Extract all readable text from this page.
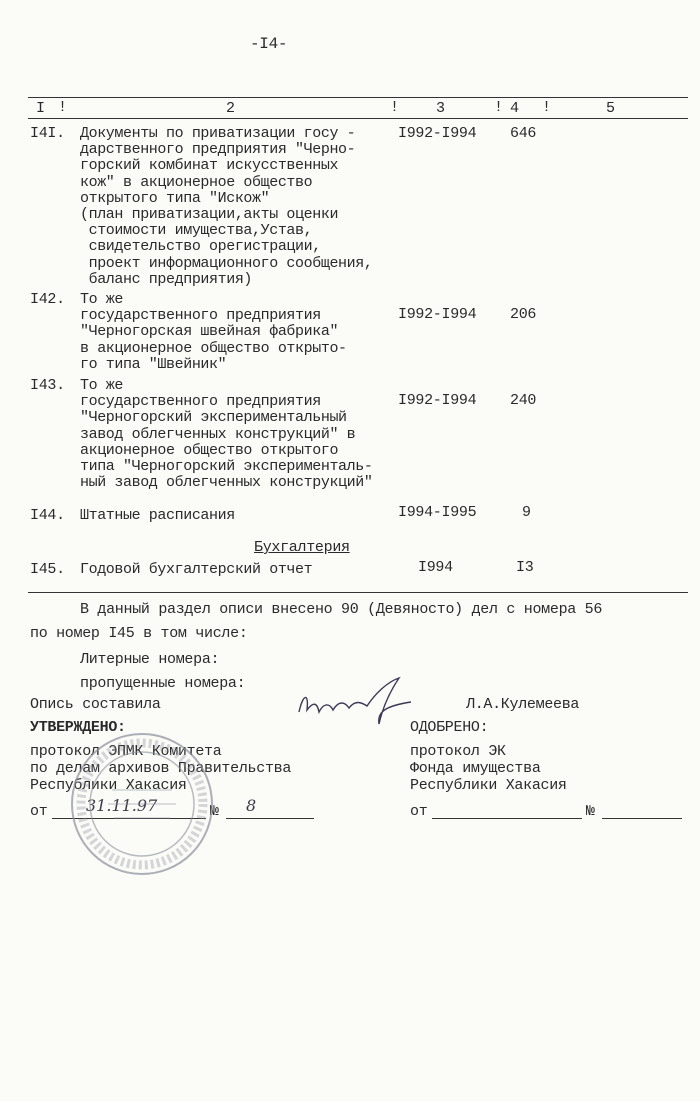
-I4-
I !	2	! 3	! 4 !	5
I4I. Документы по приватизации госу -
дарственного предприятия "Черно-
горский комбинат искусственных
кож" в акционерное общество
открытого типа "Искож"
(план приватизации,акты оценки
стоимости имущества,Устав,
свидетельство орегистрации,
проект информационного сообщения,
баланс предприятия)
I992-I994 646
I42. То же
государственного предприятия
"Черногорская швейная фабрика"
в акционерное общество открыто-
го типа "Швейник"
I992-I994 206
I43. То же
государственного предприятия
"Черногорский экспериментальный
завод облегченных конструкций" в
акционерное общество открытого
типа "Черногорский эксперименталь-
ный завод облегченных конструкций"
I992-I994 240
I44. Штатные расписания	I994-I995	9
Бухгалтерия
I45. Годовой бухгалтерский отчет	I994	I3
В данный раздел описи внесено 90 (Девяносто) дел с номера 56
по номер I45 в том числе:
Литерные номера:
пропущенные номера:
Опись составила	Л.А.Кулемеева
УТВЕРЖДЕНО:
протокол ЭПМК Комитета
по делам архивов Правительства
Республики Хакасия
от 31.11.97	№ 8
ОДОБРЕНО:
протокол ЭК
Фонда имущества
Республики Хакасия
от	№
